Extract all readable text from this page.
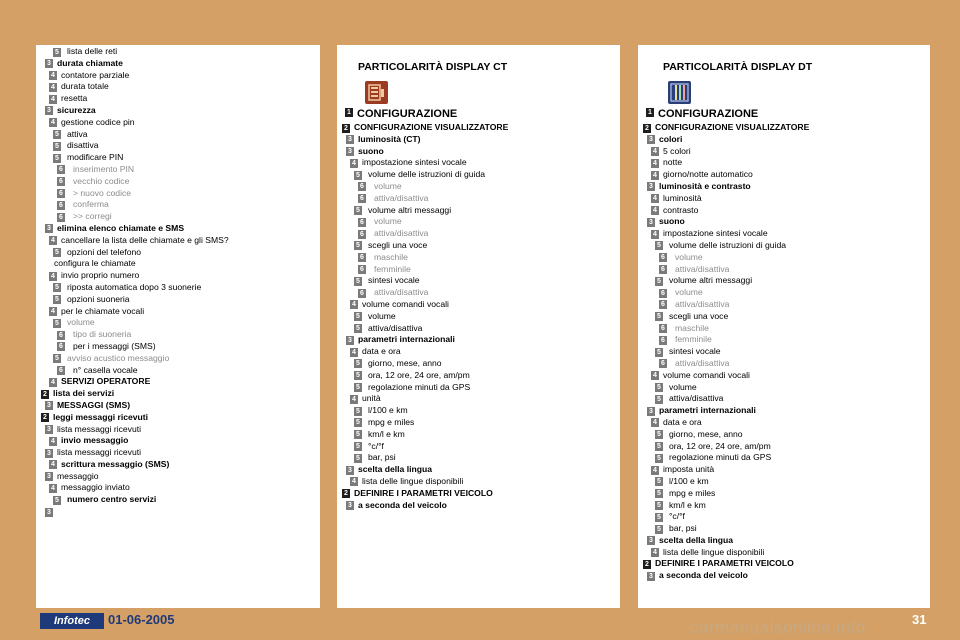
5 lista delle reti
3 durata chiamate
4 contatore parziale
4 durata totale
4 resetta
3 sicurezza
4 gestione codice pin
5 attiva
5 disattiva
5 modificare PIN
6 inserimento PIN
6 vecchio codice
6 > nuovo codice
6 conferma
6 >> corregi
3 elimina elenco chiamate e SMS
4 cancellare la lista delle chiamate e gli SMS?
5 opzioni del telefono
configura le chiamate
4 invio proprio numero
5 riposta automatica dopo 3 suonerie
5 opzioni suoneria
4 per le chiamate vocali
5 volume
6 tipo di suoneria
6 per i messaggi (SMS)
5 avviso acustico messaggio
6 n° casella vocale
4 SERVIZI OPERATORE
2 lista dei servizi
3 MESSAGGI (SMS)
2 leggi messaggi ricevuti
3 lista messaggi ricevuti
4 invio messaggio
3 lista messaggi ricevuti
4 scrittura messaggio (SMS)
3 messaggio
4 messaggio inviato
5 numero centro servizi
3
PARTICOLARITÀ DISPLAY CT
1 CONFIGURAZIONE
2 CONFIGURAZIONE VISUALIZZATORE
3 luminosità (CT)
3 suono
4 impostazione sintesi vocale
5 volume delle istruzioni di guida
6 volume
6 attiva/disattiva
5 volume altri messaggi
6 volume
6 attiva/disattiva
5 scegli una voce
6 maschile
6 femminile
5 sintesi vocale
6 attiva/disattiva
4 volume comandi vocali
5 volume
5 attiva/disattiva
3 parametri internazionali
4 data e ora
5 giorno, mese, anno
5 ora, 12 ore, 24 ore, am/pm
5 regolazione minuti da GPS
4 unità
5 l/100 e km
5 mpg e miles
5 km/l e km
5 °c/°f
5 bar, psi
3 scelta della lingua
4 lista delle lingue disponibili
2 DEFINIRE I PARAMETRI VEICOLO
3 a seconda del veicolo
PARTICOLARITÀ DISPLAY DT
1 CONFIGURAZIONE
2 CONFIGURAZIONE VISUALIZZATORE
3 colori
4 5 colori
4 notte
4 giorno/notte automatico
3 luminosità e contrasto
4 luminosità
4 contrasto
3 suono
4 impostazione sintesi vocale
5 volume delle istruzioni di guida
6 volume
6 attiva/disattiva
5 volume altri messaggi
6 volume
6 attiva/disattiva
5 scegli una voce
6 maschile
6 femminile
5 sintesi vocale
6 attiva/disattiva
4 volume comandi vocali
5 volume
5 attiva/disattiva
3 parametri internazionali
4 data e ora
5 giorno, mese, anno
5 ora, 12 ore, 24 ore, am/pm
5 regolazione minuti da GPS
4 imposta unità
5 l/100 e km
5 mpg e miles
5 km/l e km
5 °c/°f
5 bar, psi
3 scelta della lingua
4 lista delle lingue disponibili
2 DEFINIRE I PARAMETRI VEICOLO
3 a seconda del veicolo
Infotec	01-06-2005	carmanualsonline.info	31
